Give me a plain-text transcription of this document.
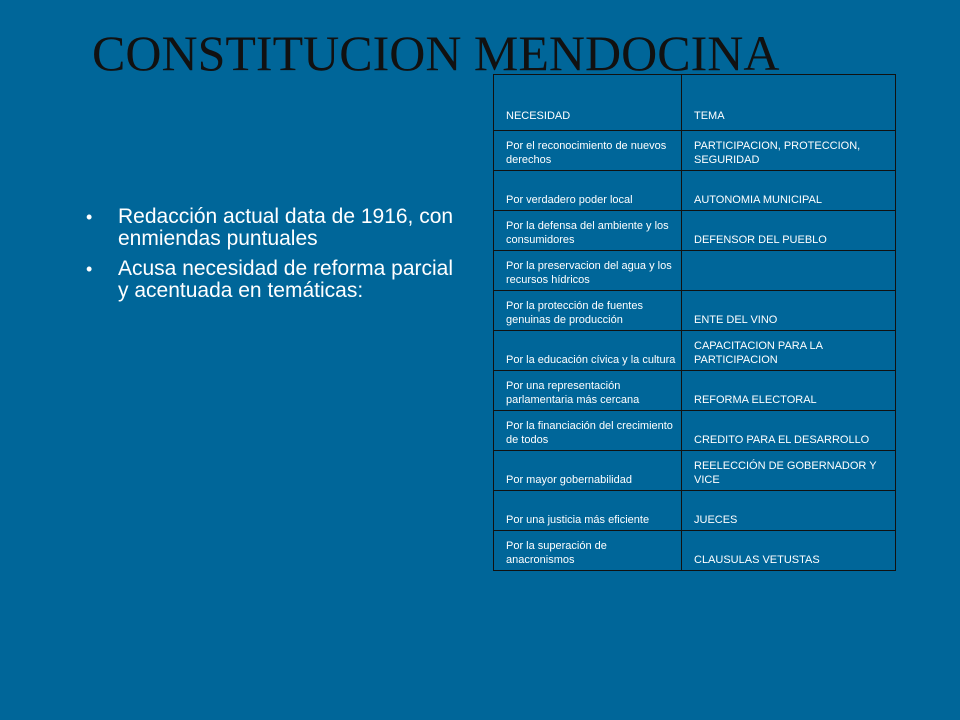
CONSTITUCION MENDOCINA
• Redacción actual data de 1916, con enmiendas puntuales
• Acusa necesidad de reforma parcial y acentuada en temáticas:
NECESIDAD	TEMA
Por el reconocimiento de nuevos derechos	PARTICIPACION, PROTECCION, SEGURIDAD
Por verdadero poder local	AUTONOMIA MUNICIPAL
Por la defensa del ambiente y los consumidores	DEFENSOR DEL PUEBLO
Por la preservacion del agua y los recursos hídricos	
Por la protección de fuentes genuinas de producción	ENTE DEL VINO
Por la educación cívica y la cultura	CAPACITACION PARA LA PARTICIPACION
Por una representación parlamentaria más cercana	REFORMA ELECTORAL
Por la financiación del crecimiento de todos	CREDITO PARA EL DESARROLLO
Por mayor gobernabilidad	REELECCIÓN DE GOBERNADOR Y VICE
Por una justicia más eficiente	JUECES
Por la superación de anacronismos	CLAUSULAS VETUSTAS
